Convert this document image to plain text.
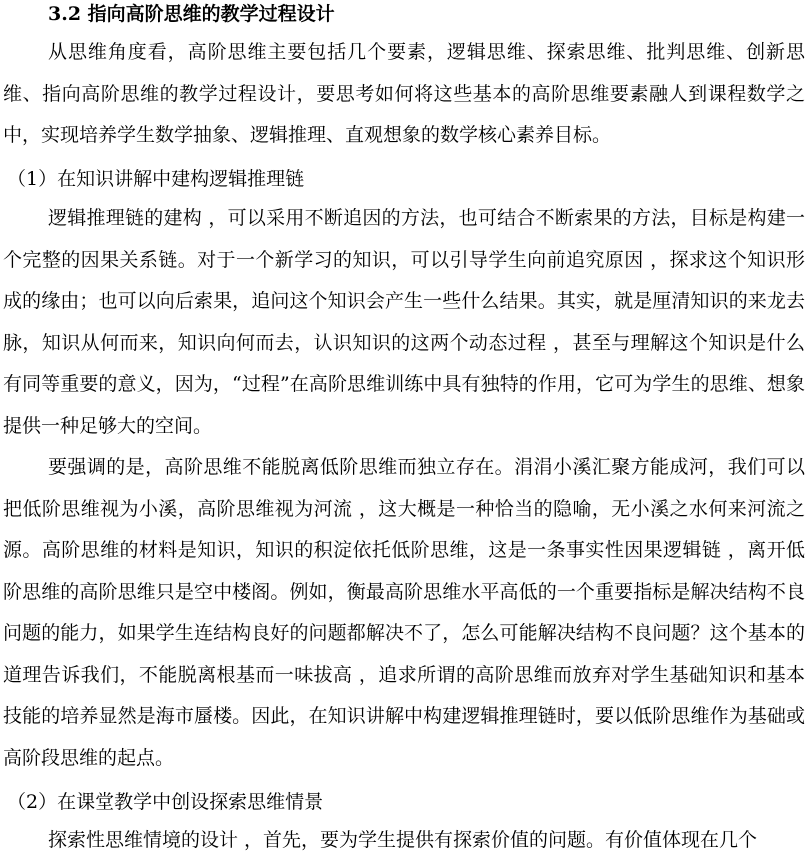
3.2 指向高阶思维的教学过程设计

从思维角度看，高阶思维主要包括几个要素，逻辑思维、探索思维、批判思维、创新思维、指向高阶思维的教学过程设计，要思考如何将这些基本的高阶思维要素融人到课程数学之中，实现培养学生数学抽象、逻辑推理、直观想象的数学核心素养目标。

（1）在知识讲解中建构逻辑推理链

逻辑推理链的建构 ，可以采用不断追因的方法，也可结合不断索果的方法，目标是构建一个完整的因果关系链。对于一个新学习的知识，可以引导学生向前追究原因 ，探求这个知识形成的缘由；也可以向后索果，追问这个知识会产生一些什么结果。其实，就是厘清知识的来龙去脉，知识从何而来，知识向何而去，认识知识的这两个动态过程 ，甚至与理解这个知识是什么有同等重要的意义，因为，“过程”在高阶思维训练中具有独特的作用，它可为学生的思维、想象提供一种足够大的空间。

要强调的是，高阶思维不能脱离低阶思维而独立存在。涓涓小溪汇聚方能成河，我们可以把低阶思维视为小溪，高阶思维视为河流 ，这大概是一种恰当的隐喻，无小溪之水何来河流之源。高阶思维的材料是知识，知识的积淀依托低阶思维，这是一条事实性因果逻辑链 ，离开低阶思维的高阶思维只是空中楼阁。例如，衡最高阶思维水平高低的一个重要指标是解决结构不良问题的能力，如果学生连结构良好的问题都解决不了，怎么可能解决结构不良问题？这个基本的道理告诉我们，不能脱离根基而一味拔高 ，追求所谓的高阶思维而放弃对学生基础知识和基本技能的培养显然是海市蜃楼。因此，在知识讲解中构建逻辑推理链时，要以低阶思维作为基础或高阶段思维的起点。

（2）在课堂教学中创设探索思维情景

探索性思维情境的设计 ，首先，要为学生提供有探索价值的问题。有价值体现在几个
